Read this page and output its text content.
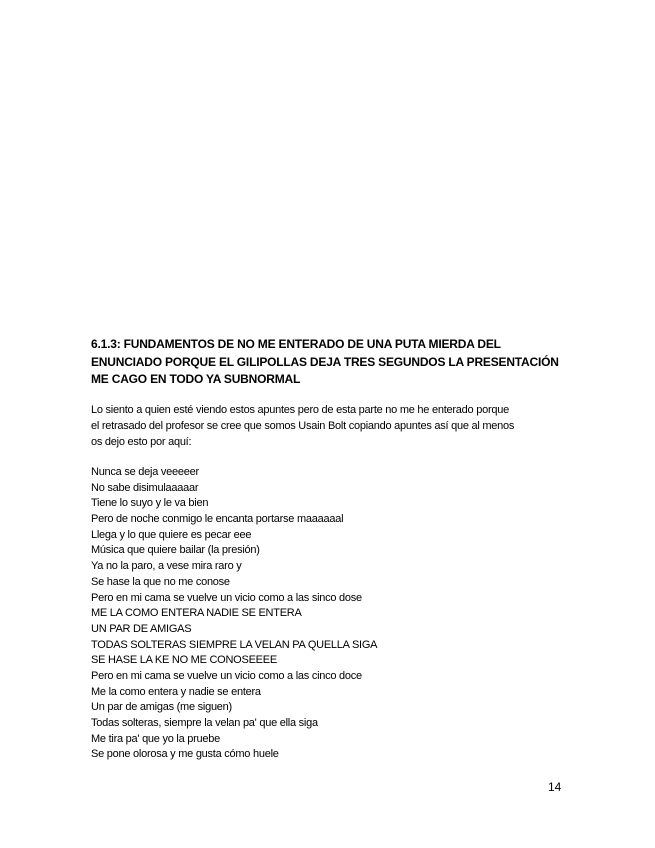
6.1.3: FUNDAMENTOS DE NO ME ENTERADO DE UNA PUTA MIERDA DEL
ENUNCIADO PORQUE EL GILIPOLLAS DEJA TRES SEGUNDOS LA PRESENTACIÓN
ME CAGO EN TODO YA SUBNORMAL
Lo siento a quien esté viendo estos apuntes pero de esta parte no me he enterado porque
el retrasado del profesor se cree que somos Usain Bolt copiando apuntes así que al menos
os dejo esto por aquí:
Nunca se deja veeeeer
No sabe disimulaaaaar
Tiene lo suyo y le va bien
Pero de noche conmigo le encanta portarse maaaaaal
Llega y lo que quiere es pecar eee
Música que quiere bailar (la presión)
Ya no la paro, a vese mira raro y
Se hase la que no me conose
Pero en mi cama se vuelve un vicio como a las sinco dose
ME LA COMO ENTERA NADIE SE ENTERA
UN PAR DE AMIGAS
TODAS SOLTERAS SIEMPRE LA VELAN PA QUELLA SIGA
SE HASE LA KE NO ME CONOSEEEE
Pero en mi cama se vuelve un vicio como a las cinco doce
Me la como entera y nadie se entera
Un par de amigas (me siguen)
Todas solteras, siempre la velan pa' que ella siga
Me tira pa' que yo la pruebe
Se pone olorosa y me gusta cómo huele
14
